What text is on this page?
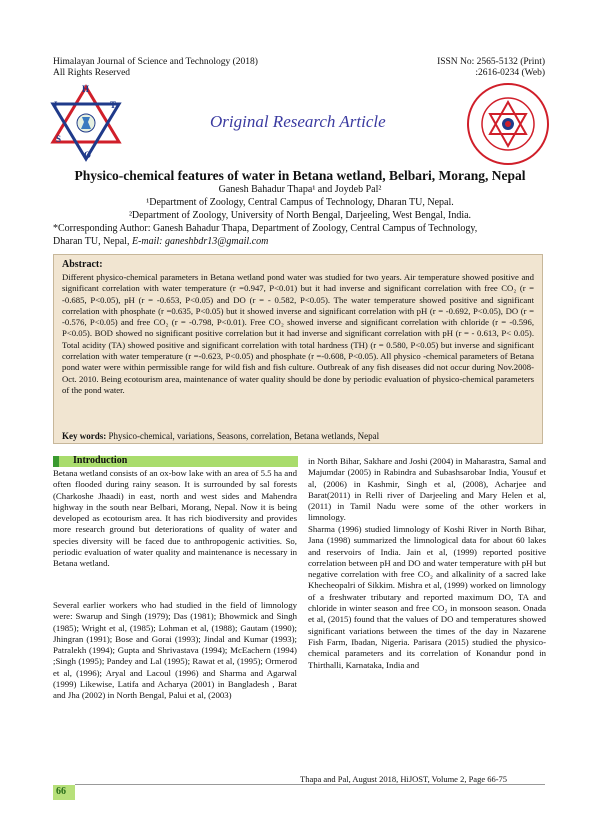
Himalayan Journal of Science and Technology (2018)
All Rights Reserved
ISSN No: 2565-5132 (Print)
:2616-0234 (Web)
H
I	T
S
O
Original Research Article
Physico-chemical features of water in Betana wetland, Belbari, Morang, Nepal
Ganesh Bahadur Thapa¹ and Joydeb Pal²
¹Department of Zoology, Central Campus of Technology, Dharan TU, Nepal.
²Department of Zoology, University of North Bengal, Darjeeling, West Bengal, India.
*Corresponding Author: Ganesh Bahadur Thapa, Department of Zoology, Central Campus of Technology,
Dharan TU, Nepal, E-mail: ganeshbdr13@gmail.com
Abstract:
Different physico-chemical parameters in Betana wetland pond water was studied for two years. Air temperature showed positive and significant correlation with water temperature (r =0.947, P<0.01) but it had inverse and significant correlation with free CO₂ (r = -0.685, P<0.05), pH (r = -0.653, P<0.05) and DO (r = - 0.582, P<0.05). The water temperature showed positive and significant correlation with phosphate (r =0.635, P<0.05) but it showed inverse and significant correlation with pH (r = -0.692, P<0.05), DO (r = -0.576, P<0.05) and free CO₂ (r = -0.798, P<0.01). Free CO₂ showed inverse and significant correlation with chloride (r = -0.596, P<0.05). BOD showed no significant positive correlation but it had inverse and significant correlation with pH (r = - 0.613, P< 0.05). Total acidity (TA) showed positive and significant correlation with total hardness (TH) (r = 0.580, P<0.05) but inverse and significant correlation with water temperature (r =-0.623, P<0.05) and phosphate (r =-0.608, P<0.05). All physico -chemical parameters of Betana pond water were within permissible range for wild fish and fish culture. Outbreak of any fish diseases did not occur during Nov.2008-Oct. 2010. Being ecotourism area, maintenance of water quality should be done by periodic evaluation of physico-chemical parameters of the pond water.
Key words: Physico-chemical, variations, Seasons, correlation, Betana wetlands, Nepal
Introduction
Betana wetland consists of an ox-bow lake with an area of 5.5 ha and often flooded during rainy season. It is surrounded by sal forests (Charkoshe Jhaadi) in east, north and west sides and Mahendra highway in the south near Belbari, Morang, Nepal. Now it is being developed as ecotourism area. It has rich biodiversity and provides more research ground but deteriorations of quality of water and species diversity will be faced due to anthropogenic activities. So, periodic evaluation of water quality and maintenance is necessary in Betana wetland.
Several earlier workers who had studied in the field of limnology were: Swarup and Singh (1979); Das (1981); Bhowmick and Singh (1985); Wright et al, (1985); Lohman et al, (1988); Gautam (1990); Jhingran (1991); Bose and Gorai (1993); Jindal and Kumar (1993); Patralekh (1994); Gupta and Shrivastava (1994); McEachern (1994) ;Singh (1995); Pandey and Lal (1995); Rawat et al, (1995); Ormerod et al, (1996); Aryal and Lacoul (1996) and Sharma and Agarwal (1999) Likewise, Latifa and Acharya (2001) in Bangladesh , Barat and Jha (2002) in North Bengal, Palui et al, (2003)
in North Bihar, Sakhare and Joshi (2004) in Maharastra, Samal and Majumdar (2005) in Rabindra and Subashsarobar India, Yousuf et al, (2006) in Kashmir, Singh et al, (2008), Acharjee and Barat(2011) in Relli river of Darjeeling and Mary Helen et al, (2011) in Tamil Nadu were some of the other workers in limnology.
Sharma (1996) studied limnology of Koshi River in North Bihar, Jana (1998) summarized the limnological data for about 60 lakes and reservoirs of India. Jain et al, (1999) reported positive correlation between pH and DO and water temperature with pH but negative correlation with free CO₂ and alkalinity of a sacred lake Khecheopalri of Sikkim. Mishra et al, (1999) worked on limnology of a freshwater tributary and reported maximum DO, TA and chloride in winter season and free CO₂ in monsoon season. Onada et al, (2015) found that the values of DO and temperatures showed significant variations between the times of the day in Nazarene Fish Farm, Ibadan, Nigeria. Parisara (2015) studied the physico-chemical parameters and its correlation of Konandur pond in Thirthalli, Karnataka, India and
Thapa and Pal, August 2018, HiJOST, Volume 2, Page 66-75
66
